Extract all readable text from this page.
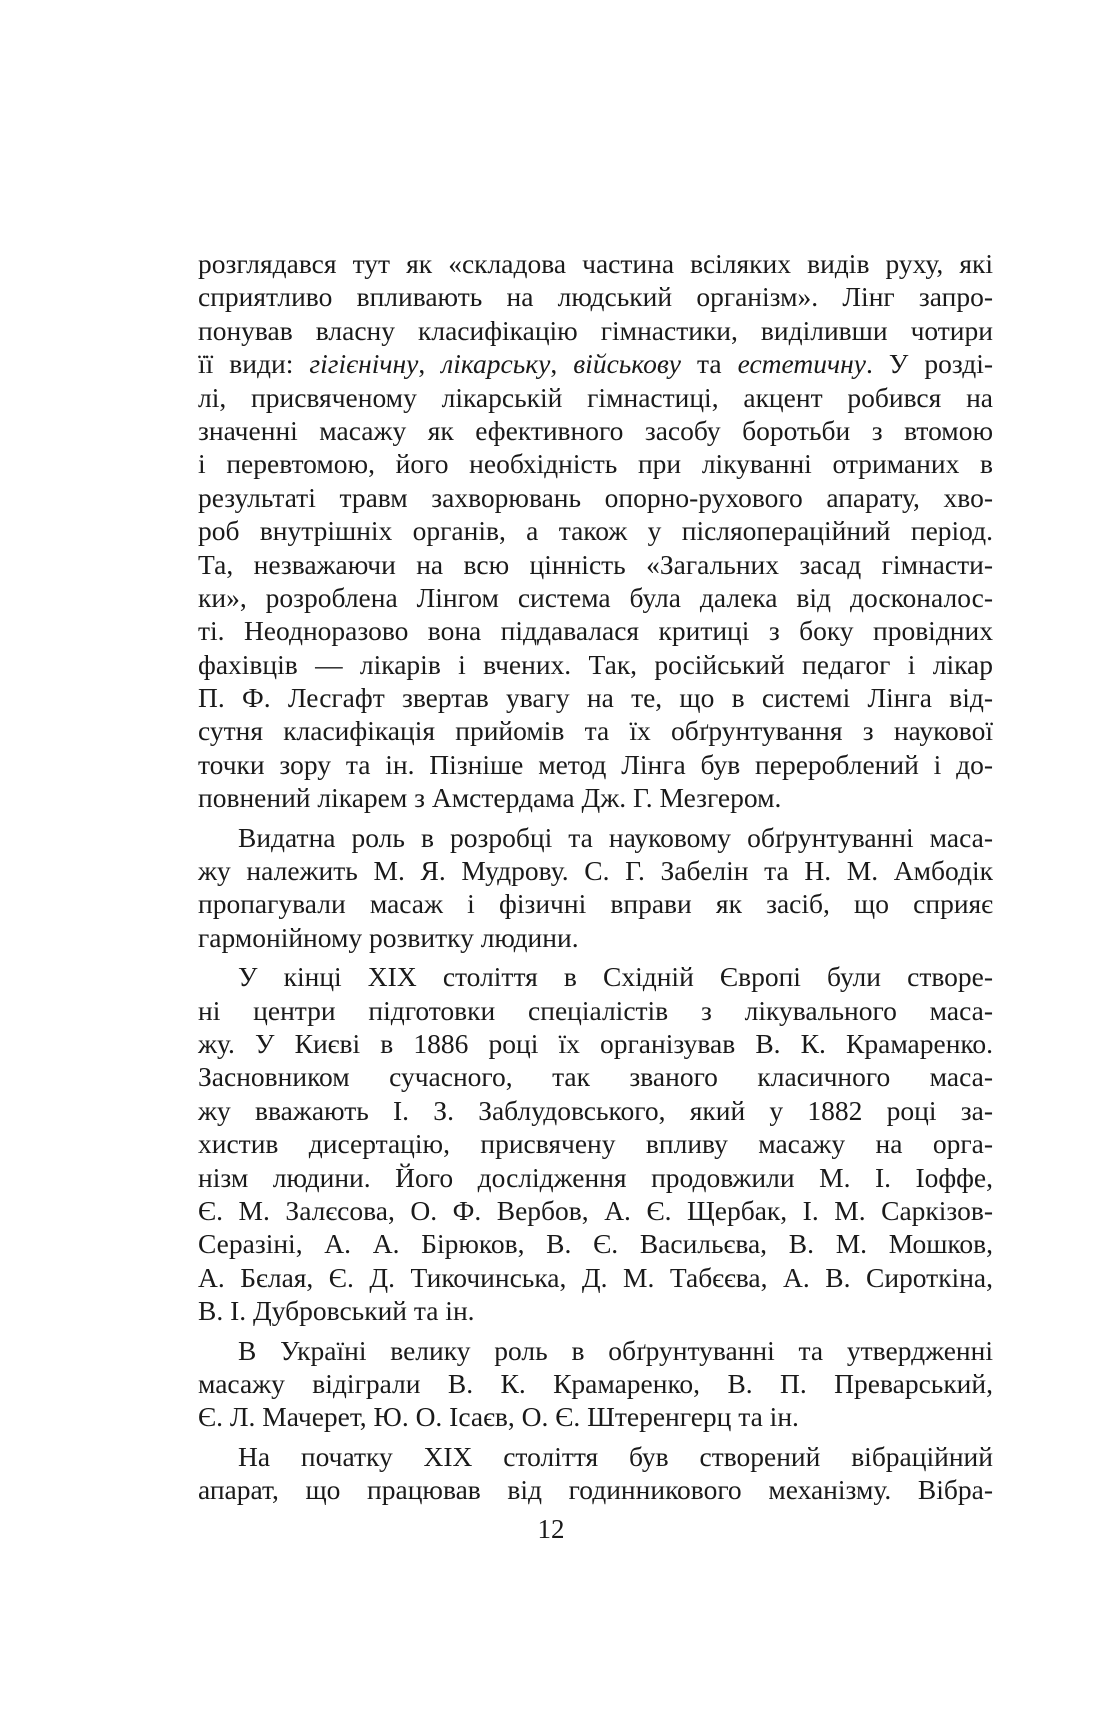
розглядався тут як «складова частина всіляких видів руху, які
сприятливо впливають на людський організм». Лінг запро-
понував власну класифікацію гімнастики, виділивши чотири
її види: гігієнічну, лікарську, військову та естетичну. У розді-
лі, присвяченому лікарській гімнастиці, акцент робився на
значенні масажу як ефективного засобу боротьби з втомою
і перевтомою, його необхідність при лікуванні отриманих в
результаті травм захворювань опорно-рухового апарату, хво-
роб внутрішніх органів, а також у післяопераційний період.
Та, незважаючи на всю цінність «Загальних засад гімнасти-
ки», розроблена Лінгом система була далека від досконалос-
ті. Неодноразово вона піддавалася критиці з боку провідних
фахівців — лікарів і вчених. Так, російський педагог і лікар
П. Ф. Лесгафт звертав увагу на те, що в системі Лінга від-
сутня класифікація прийомів та їх обґрунтування з наукової
точки зору та ін. Пізніше метод Лінга був перероблений і до-
повнений лікарем з Амстердама Дж. Г. Мезгером.
Видатна роль в розробці та науковому обґрунтуванні маса-
жу належить М. Я. Мудрову. С. Г. Забелін та Н. М. Амбодік
пропагували масаж і фізичні вправи як засіб, що сприяє
гармонійному розвитку людини.
У кінці XIX століття в Східній Європі були створе-
ні центри підготовки спеціалістів з лікувального маса-
жу. У Києві в 1886 році їх організував В. К. Крамаренко.
Засновником сучасного, так званого класичного маса-
жу вважають І. З. Заблудовського, який у 1882 році за-
хистив дисертацію, присвячену впливу масажу на орга-
нізм людини. Його дослідження продовжили М. І. Іоффе,
Є. М. Залєсова, О. Ф. Вербов, А. Є. Щербак, І. М. Саркізов-
Серазіні, А. А. Бірюков, В. Є. Васильєва, В. М. Мошков,
А. Бєлая, Є. Д. Тикочинська, Д. М. Табєєва, А. В. Сироткіна,
В. І. Дубровський та ін.
В Україні велику роль в обґрунтуванні та утвердженні
масажу відіграли В. К. Крамаренко, В. П. Преварський,
Є. Л. Мачерет, Ю. О. Ісаєв, О. Є. Штеренгерц та ін.
На початку XIX століття був створений вібраційний
апарат, що працював від годинникового механізму. Вібра-
12
